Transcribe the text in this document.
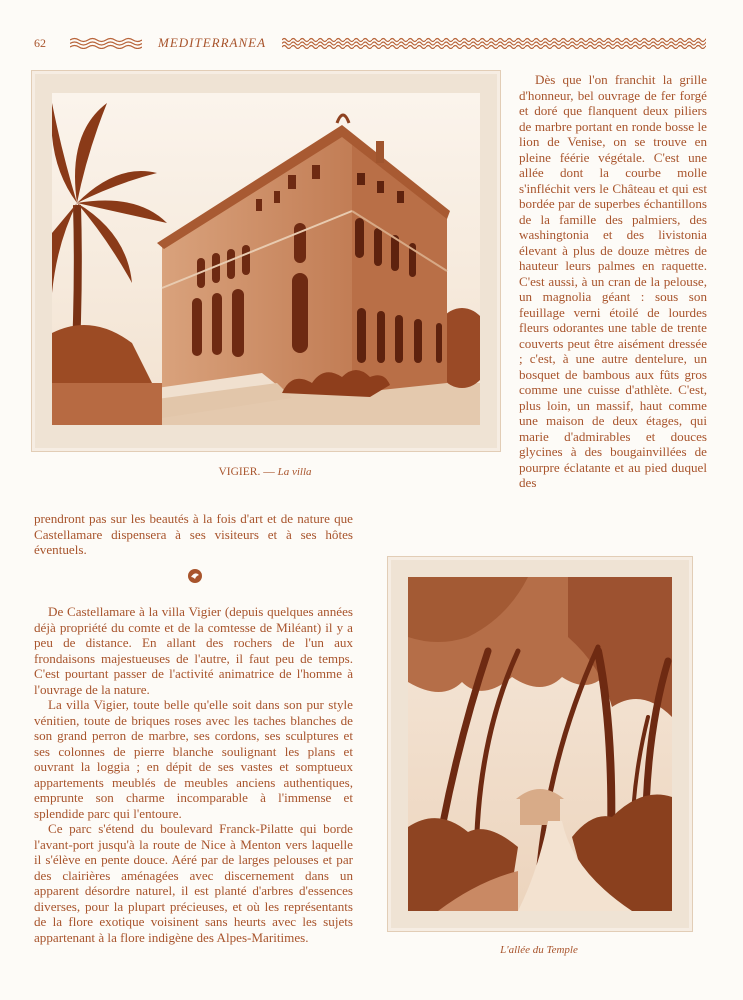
62	MEDITERRANEA
VIGIER. — La villa

Dès que l'on franchit la grille d'honneur, bel ouvrage de fer forgé et doré que flanquent deux piliers de marbre portant en ronde bosse le lion de Venise, on se trouve en pleine féérie végétale. C'est une allée dont la courbe molle s'infléchit vers le Château et qui est bordée par de superbes échantillons de la famille des palmiers, des washingtonia et des livistonia élevant à plus de douze mètres de hauteur leurs palmes en raquette. C'est aussi, à un cran de la pelouse, un magnolia géant : sous son feuillage verni étoilé de lourdes fleurs odorantes une table de trente couverts peut être aisément dressée ; c'est, à une autre dentelure, un bosquet de bambous aux fûts gros comme une cuisse d'athlète. C'est, plus loin, un massif, haut comme une maison de deux étages, qui marie d'admirables et douces glycines à des bougainvillées de pourpre éclatante et au pied duquel des

prendront pas sur les beautés à la fois d'art et de nature que Castellamare dispensera à ses visiteurs et à ses hôtes éventuels.

De Castellamare à la villa Vigier (depuis quelques années déjà propriété du comte et de la comtesse de Miléant) il y a peu de distance. En allant des rochers de l'un aux frondaisons majestueuses de l'autre, il faut peu de temps. C'est pourtant passer de l'activité animatrice de l'homme à l'ouvrage de la nature.

La villa Vigier, toute belle qu'elle soit dans son pur style vénitien, toute de briques roses avec les taches blanches de son grand perron de marbre, ses cordons, ses sculptures et ses colonnes de pierre blanche soulignant les plans et ouvrant la loggia ; en dépit de ses vastes et somptueux appartements meublés de meubles anciens authentiques, emprunte son charme incomparable à l'immense et splendide parc qui l'entoure.

Ce parc s'étend du boulevard Franck-Pilatte qui borde l'avant-port jusqu'à la route de Nice à Menton vers laquelle il s'élève en pente douce. Aéré par de larges pelouses et par des clairières aménagées avec discernement dans un apparent désordre naturel, il est planté d'arbres d'essences diverses, pour la plupart précieuses, et où les représentants de la flore exotique voisinent sans heurts avec les sujets appartenant à la flore indigène des Alpes-Maritimes.

L'allée du Temple
